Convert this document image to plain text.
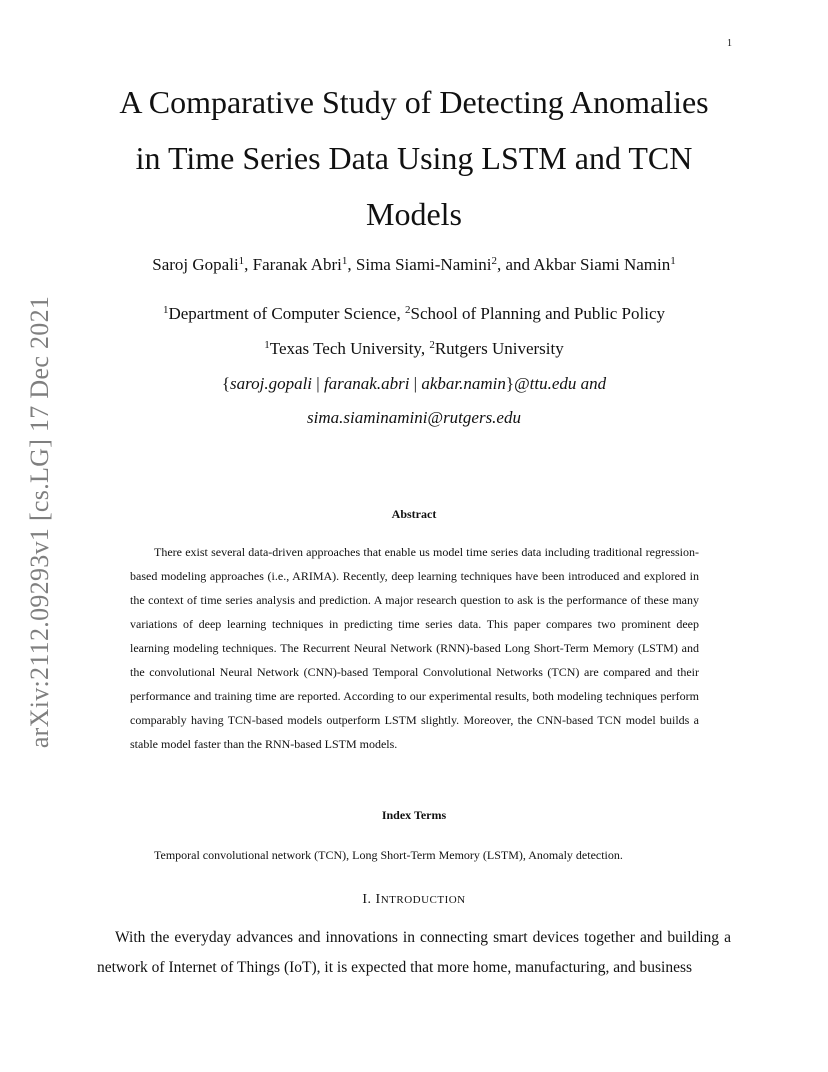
1
arXiv:2112.09293v1 [cs.LG] 17 Dec 2021
A Comparative Study of Detecting Anomalies
in Time Series Data Using LSTM and TCN
Models
Saroj Gopali$^1$, Faranak Abri$^1$, Sima Siami-Namini$^2$, and Akbar Siami Namin$^1$
$^1$Department of Computer Science, $^2$School of Planning and Public Policy
$^1$Texas Tech University, $^2$Rutgers University
{saroj.gopali | faranak.abri | akbar.namin}@ttu.edu and
sima.siaminamini@rutgers.edu
Abstract

There exist several data-driven approaches that enable us model time series data including traditional regression-based modeling approaches (i.e., ARIMA). Recently, deep learning techniques have been introduced and explored in the context of time series analysis and prediction. A major research question to ask is the performance of these many variations of deep learning techniques in predicting time series data. This paper compares two prominent deep learning modeling techniques. The Recurrent Neural Network (RNN)-based Long Short-Term Memory (LSTM) and the convolutional Neural Network (CNN)-based Temporal Convolutional Networks (TCN) are compared and their performance and training time are reported. According to our experimental results, both modeling techniques perform comparably having TCN-based models outperform LSTM slightly. Moreover, the CNN-based TCN model builds a stable model faster than the RNN-based LSTM models.

Index Terms

Temporal convolutional network (TCN), Long Short-Term Memory (LSTM), Anomaly detection.

I. INTRODUCTION

With the everyday advances and innovations in connecting smart devices together and building a network of Internet of Things (IoT), it is expected that more home, manufacturing, and business
